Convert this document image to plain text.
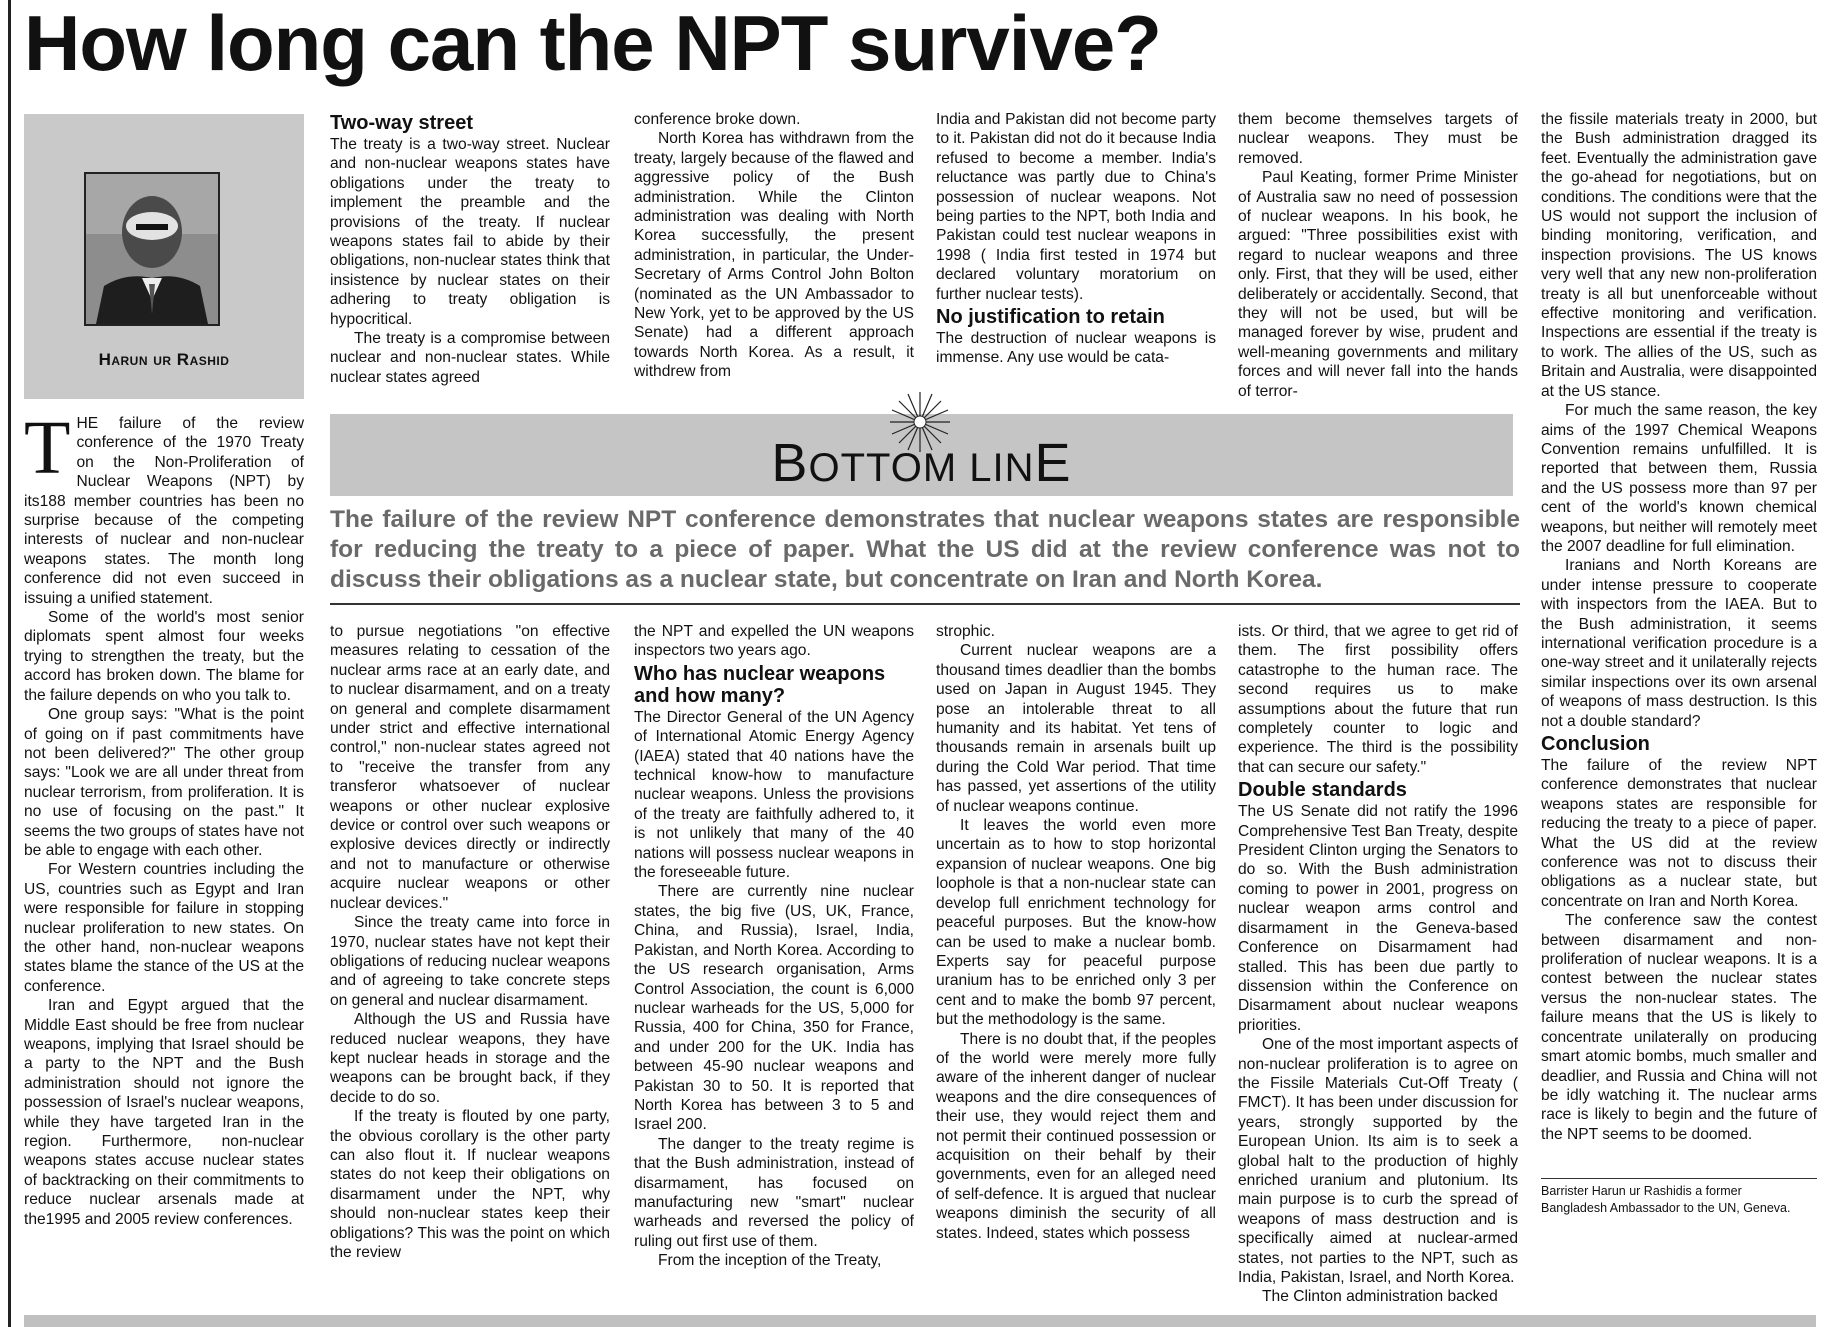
How long can the NPT survive?
Harun ur Rashid

THE failure of the review conference of the 1970 Treaty on the Non-Proliferation of Nuclear Weapons (NPT) by its188 member countries has been no surprise because of the competing interests of nuclear and non-nuclear weapons states. The month long conference did not even succeed in issuing a unified statement.

Some of the world's most senior diplomats spent almost four weeks trying to strengthen the treaty, but the accord has broken down. The blame for the failure depends on who you talk to.

One group says: "What is the point of going on if past commitments have not been delivered?" The other group says: "Look we are all under threat from nuclear terrorism, from proliferation. It is no use of focusing on the past." It seems the two groups of states have not be able to engage with each other.

For Western countries including the US, countries such as Egypt and Iran were responsible for failure in stopping nuclear proliferation to new states. On the other hand, non-nuclear weapons states blame the stance of the US at the conference.

Iran and Egypt argued that the Middle East should be free from nuclear weapons, implying that Israel should be a party to the NPT and the Bush administration should not ignore the possession of Israel's nuclear weapons, while they have targeted Iran in the region. Furthermore, non-nuclear weapons states accuse nuclear states of backtracking on their commitments to reduce nuclear arsenals made at the1995 and 2005 review conferences.

Two-way street

The treaty is a two-way street. Nuclear and non-nuclear weapons states have obligations under the treaty to implement the preamble and the provisions of the treaty. If nuclear weapons states fail to abide by their obligations, non-nuclear states think that insistence by nuclear states on their adhering to treaty obligation is hypocritical.

The treaty is a compromise between nuclear and non-nuclear states. While nuclear states agreed

conference broke down.

North Korea has withdrawn from the treaty, largely because of the flawed and aggressive policy of the Bush administration. While the Clinton administration was dealing with North Korea successfully, the present administration, in particular, the Under-Secretary of Arms Control John Bolton (nominated as the UN Ambassador to New York, yet to be approved by the US Senate) had a different approach towards North Korea. As a result, it withdrew from

India and Pakistan did not become party to it. Pakistan did not do it because India refused to become a member. India's reluctance was partly due to China's possession of nuclear weapons. Not being parties to the NPT, both India and Pakistan could test nuclear weapons in 1998 ( India first tested in 1974 but declared voluntary moratorium on further nuclear tests).

No justification to retain

The destruction of nuclear weapons is immense. Any use would be cata-

them become themselves targets of nuclear weapons. They must be removed.

Paul Keating, former Prime Minister of Australia saw no need of possession of nuclear weapons. In his book, he argued: "Three possibilities exist with regard to nuclear weapons and three only. First, that they will be used, either deliberately or accidentally. Second, that they will not be used, but will be managed forever by wise, prudent and well-meaning governments and military forces and will never fall into the hands of terror-

BOTTOM LINE
The failure of the review NPT conference demonstrates that nuclear weapons states are responsible for reducing the treaty to a piece of paper. What the US did at the review conference was not to discuss their obligations as a nuclear state, but concentrate on Iran and North Korea.

to pursue negotiations "on effective measures relating to cessation of the nuclear arms race at an early date, and to nuclear disarmament, and on a treaty on general and complete disarmament under strict and effective international control," non-nuclear states agreed not to "receive the transfer from any transferor whatsoever of nuclear weapons or other nuclear explosive device or control over such weapons or explosive devices directly or indirectly and not to manufacture or otherwise acquire nuclear weapons or other nuclear devices."

Since the treaty came into force in 1970, nuclear states have not kept their obligations of reducing nuclear weapons and of agreeing to take concrete steps on general and nuclear disarmament.

Although the US and Russia have reduced nuclear weapons, they have kept nuclear heads in storage and the weapons can be brought back, if they decide to do so.

If the treaty is flouted by one party, the obvious corollary is the other party can also flout it. If nuclear weapons states do not keep their obligations on disarmament under the NPT, why should non-nuclear states keep their obligations? This was the point on which the review

the NPT and expelled the UN weapons inspectors two years ago.

Who has nuclear weapons and how many?

The Director General of the UN Agency of International Atomic Energy Agency (IAEA) stated that 40 nations have the technical know-how to manufacture nuclear weapons. Unless the provisions of the treaty are faithfully adhered to, it is not unlikely that many of the 40 nations will possess nuclear weapons in the foreseeable future.

There are currently nine nuclear states, the big five (US, UK, France, China, and Russia), Israel, India, Pakistan, and North Korea. According to the US research organisation, Arms Control Association, the count is 6,000 nuclear warheads for the US, 5,000 for Russia, 400 for China, 350 for France, and under 200 for the UK. India has between 45-90 nuclear weapons and Pakistan 30 to 50. It is reported that North Korea has between 3 to 5 and Israel 200.

The danger to the treaty regime is that the Bush administration, instead of disarmament, has focused on manufacturing new "smart" nuclear warheads and reversed the policy of ruling out first use of them.

From the inception of the Treaty,

strophic.

Current nuclear weapons are a thousand times deadlier than the bombs used on Japan in August 1945. They pose an intolerable threat to all humanity and its habitat. Yet tens of thousands remain in arsenals built up during the Cold War period. That time has passed, yet assertions of the utility of nuclear weapons continue.

It leaves the world even more uncertain as to how to stop horizontal expansion of nuclear weapons. One big loophole is that a non-nuclear state can develop full enrichment technology for peaceful purposes. But the know-how can be used to make a nuclear bomb. Experts say for peaceful purpose uranium has to be enriched only 3 per cent and to make the bomb 97 percent, but the methodology is the same.

There is no doubt that, if the peoples of the world were merely more fully aware of the inherent danger of nuclear weapons and the dire consequences of their use, they would reject them and not permit their continued possession or acquisition on their behalf by their governments, even for an alleged need of self-defence. It is argued that nuclear weapons diminish the security of all states. Indeed, states which possess

ists. Or third, that we agree to get rid of them. The first possibility offers catastrophe to the human race. The second requires us to make assumptions about the future that run completely counter to logic and experience. The third is the possibility that can secure our safety."

Double standards

The US Senate did not ratify the 1996 Comprehensive Test Ban Treaty, despite President Clinton urging the Senators to do so. With the Bush administration coming to power in 2001, progress on nuclear weapon arms control and disarmament in the Geneva-based Conference on Disarmament had stalled. This has been due partly to dissension within the Conference on Disarmament about nuclear weapons priorities.

One of the most important aspects of non-nuclear proliferation is to agree on the Fissile Materials Cut-Off Treaty ( FMCT). It has been under discussion for years, strongly supported by the European Union. Its aim is to seek a global halt to the production of highly enriched uranium and plutonium. Its main purpose is to curb the spread of weapons of mass destruction and is specifically aimed at nuclear-armed states, not parties to the NPT, such as India, Pakistan, Israel, and North Korea.

The Clinton administration backed

the fissile materials treaty in 2000, but the Bush administration dragged its feet. Eventually the administration gave the go-ahead for negotiations, but on conditions. The conditions were that the US would not support the inclusion of binding monitoring, verification, and inspection provisions. The US knows very well that any new non-proliferation treaty is all but unenforceable without effective monitoring and verification. Inspections are essential if the treaty is to work. The allies of the US, such as Britain and Australia, were disappointed at the US stance.

For much the same reason, the key aims of the 1997 Chemical Weapons Convention remains unfulfilled. It is reported that between them, Russia and the US possess more than 97 per cent of the world's known chemical weapons, but neither will remotely meet the 2007 deadline for full elimination.

Iranians and North Koreans are under intense pressure to cooperate with inspectors from the IAEA. But to the Bush administration, it seems international verification procedure is a one-way street and it unilaterally rejects similar inspections over its own arsenal of weapons of mass destruction. Is this not a double standard?

Conclusion

The failure of the review NPT conference demonstrates that nuclear weapons states are responsible for reducing the treaty to a piece of paper. What the US did at the review conference was not to discuss their obligations as a nuclear state, but concentrate on Iran and North Korea.

The conference saw the contest between disarmament and non-proliferation of nuclear weapons. It is a contest between the nuclear states versus the non-nuclear states. The failure means that the US is likely to concentrate unilaterally on producing smart atomic bombs, much smaller and deadlier, and Russia and China will not be idly watching it. The nuclear arms race is likely to begin and the future of the NPT seems to be doomed.

Barrister Harun ur Rashidis a former Bangladesh Ambassador to the UN, Geneva.
